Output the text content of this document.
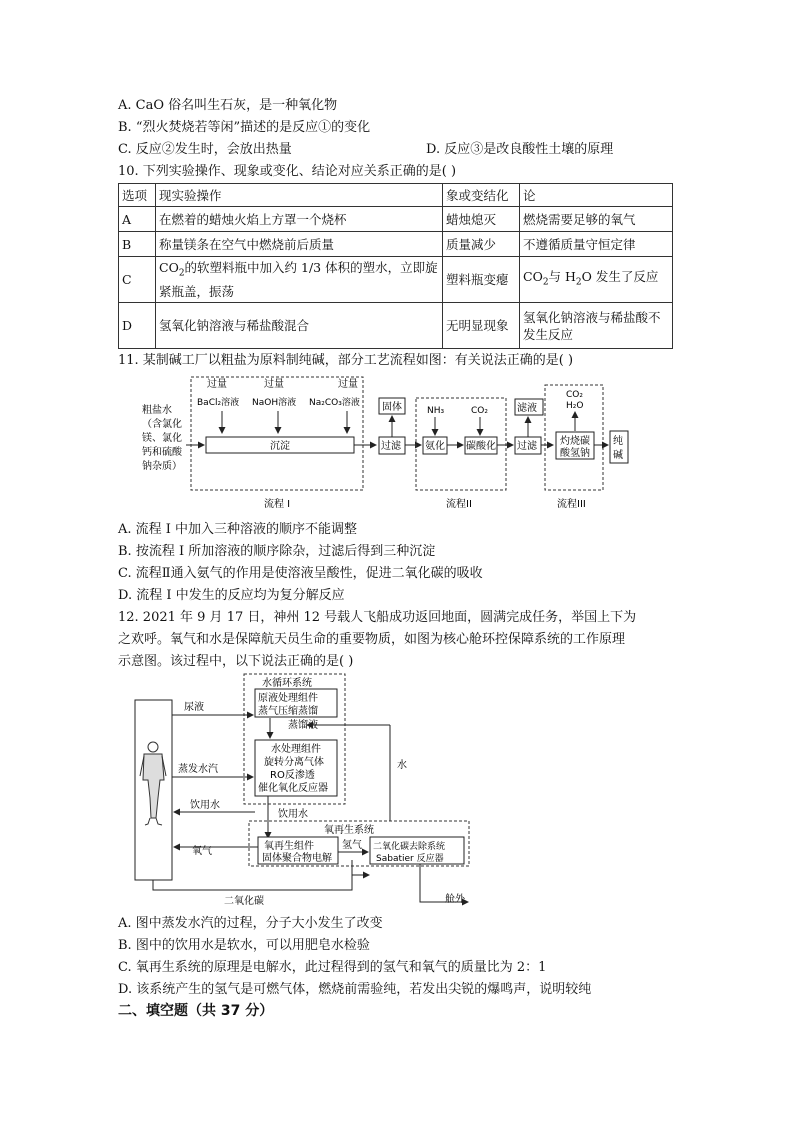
A. CaO 俗名叫生石灰，是一种氧化物
B. “烈火焚烧若等闲”描述的是反应①的变化
C. 反应②发生时，会放出热量	D. 反应③是改良酸性土壤的原理
10. 下列实验操作、现象或变化、结论对应关系正确的是( )
选项	现实验操作	象或变结化	论
A	在燃着的蜡烛火焰上方罩一个烧杯	蜡烛熄灭	燃烧需要足够的氧气
B	称量镁条在空气中燃烧前后质量	质量减少	不遵循质量守恒定律
C	$CO_2$的软塑料瓶中加入约 1/3 体积的塑水，立即旋紧瓶盖，振荡	塑料瓶变瘪	$CO_2$与 $H_2O$ 发生了反应
D	氢氧化钠溶液与稀盐酸混合	无明显现象	氢氧化钠溶液与稀盐酸不发生反应
11. 某制碱工厂以粗盐为原料制纯碱，部分工艺流程如图：有关说法正确的是( )
粗盐水
（含氯化
镁、氯化
钙和硫酸
钠杂质）
过量	过量	过量
BaCl₂溶液 NaOH溶液 Na₂CO₃溶液
沉淀
流程 I
过滤
固体	NH₃	CO₂
氨化 碳酸化
流程II
过滤
滤液
CO₂
H₂O
灼烧碳
酸氢钠
流程III
纯
碱
A. 流程 I 中加入三种溶液的顺序不能调整
B. 按流程 I 所加溶液的顺序除杂，过滤后得到三种沉淀
C. 流程Ⅱ通入氨气的作用是使溶液呈酸性，促进二氧化碳的吸收
D. 流程 I 中发生的反应均为复分解反应
12. 2021 年 9 月 17 日，神州 12 号载人飞船成功返回地面，圆满完成任务，举国上下为
之欢呼。氧气和水是保障航天员生命的重要物质，如图为核心舱环控保障系统的工作原理
示意图。该过程中，以下说法正确的是( )
水循环系统
原液处理组件
蒸气压缩蒸馏
尿液
蒸馏液
水
水处理组件
旋转分离气体
RO反渗透
催化氧化反应器
蒸发水汽
饮用水
饮用水
氧再生系统
氧再生组件
固体聚合物电解
氢气 二氧化碳去除系统
Sabatier 反应器
氧气
二氧化碳	舱外
A. 图中蒸发水汽的过程，分子大小发生了改变
B. 图中的饮用水是软水，可以用肥皂水检验
C. 氧再生系统的原理是电解水，此过程得到的氢气和氧气的质量比为 2：1
D. 该系统产生的氢气是可燃气体，燃烧前需验纯，若发出尖锐的爆鸣声，说明较纯
二、填空题（共 37 分）
